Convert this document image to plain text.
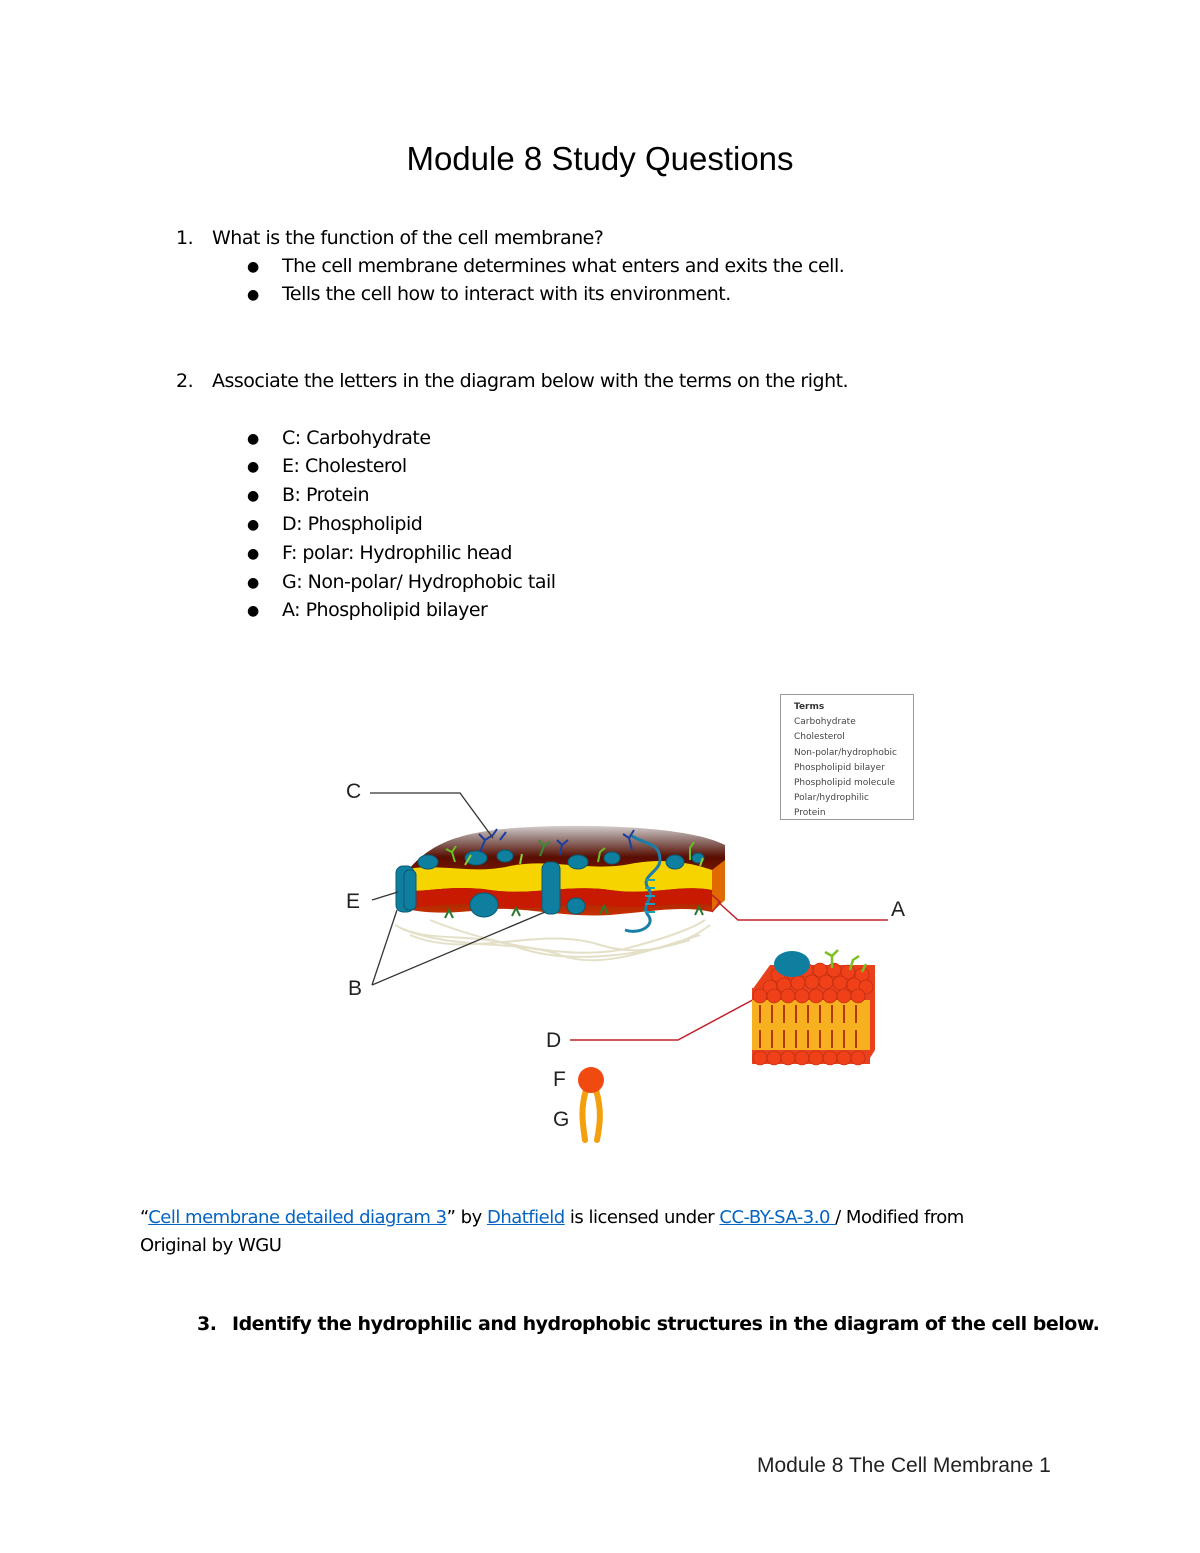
Module 8 Study Questions
1. What is the function of the cell membrane?
● The cell membrane determines what enters and exits the cell.
● Tells the cell how to interact with its environment.
2. Associate the letters in the diagram below with the terms on the right.
● C: Carbohydrate
● E: Cholesterol
● B: Protein
● D: Phospholipid
● F: polar: Hydrophilic head
● G: Non-polar/ Hydrophobic tail
● A: Phospholipid bilayer
Terms
Carbohydrate
Cholesterol
Non-polar/hydrophobic
Phospholipid bilayer
Phospholipid molecule
Polar/hydrophilic
Protein
C
E
B
A
D
F
G
“Cell membrane detailed diagram 3” by Dhatfield is licensed under CC-BY-SA-3.0 / Modified from
Original by WGU
3. Identify the hydrophilic and hydrophobic structures in the diagram of the cell below.
Module 8 The Cell Membrane 1
